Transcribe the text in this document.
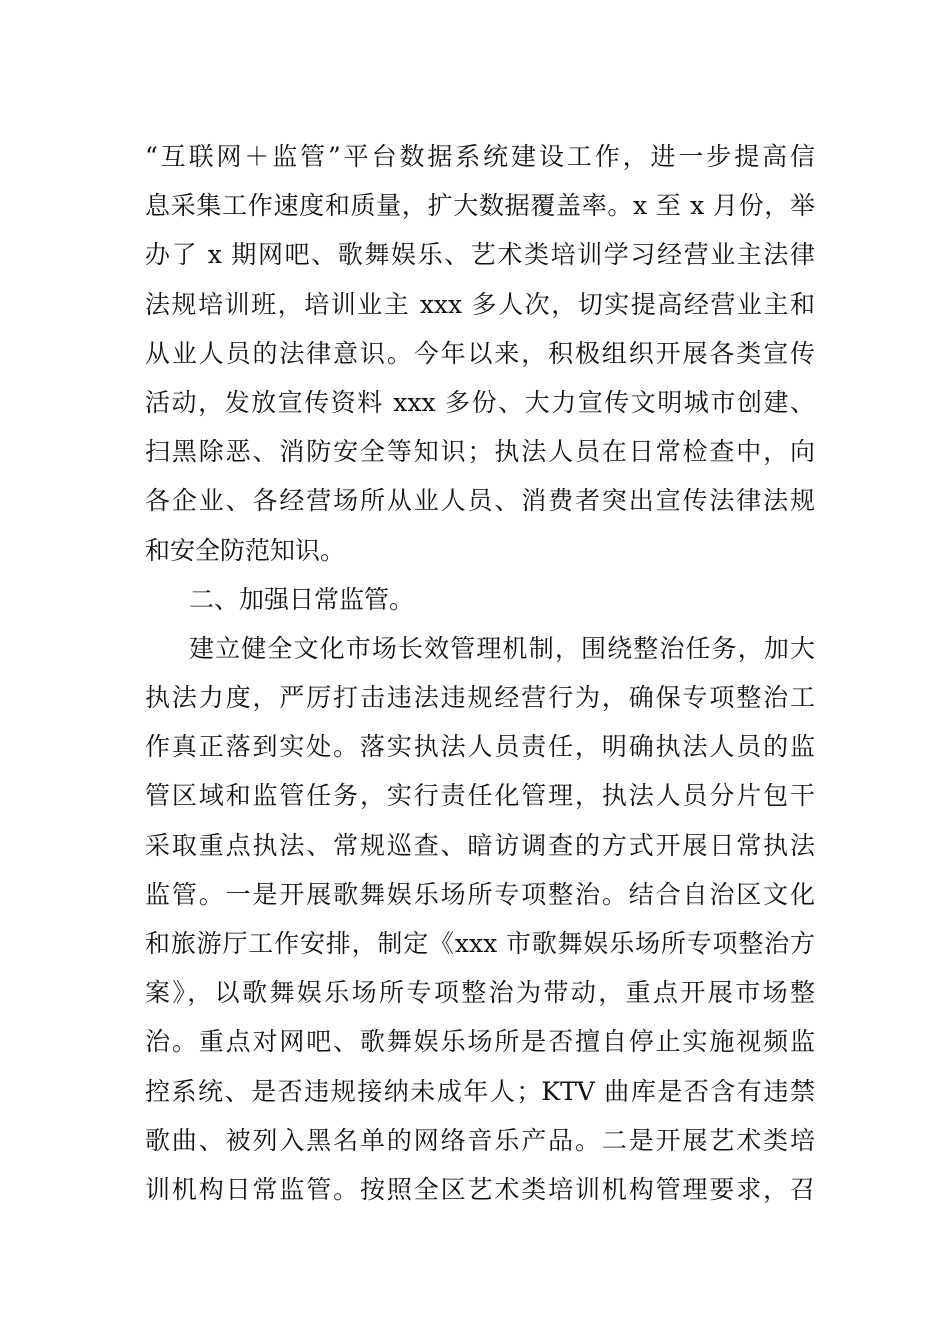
“互联网＋监管”平台数据系统建设工作，进一步提高信
息采集工作速度和质量，扩大数据覆盖率。x 至 x 月份，举
办了 x 期网吧、歌舞娱乐、艺术类培训学习经营业主法律
法规培训班，培训业主 xxx 多人次，切实提高经营业主和
从业人员的法律意识。今年以来，积极组织开展各类宣传
活动，发放宣传资料 xxx 多份、大力宣传文明城市创建、
扫黑除恶、消防安全等知识；执法人员在日常检查中，向
各企业、各经营场所从业人员、消费者突出宣传法律法规
和安全防范知识。
二、加强日常监管。
建立健全文化市场长效管理机制，围绕整治任务，加大
执法力度，严厉打击违法违规经营行为，确保专项整治工
作真正落到实处。落实执法人员责任，明确执法人员的监
管区域和监管任务，实行责任化管理，执法人员分片包干
采取重点执法、常规巡查、暗访调查的方式开展日常执法
监管。一是开展歌舞娱乐场所专项整治。结合自治区文化
和旅游厅工作安排，制定《xxx 市歌舞娱乐场所专项整治方
案》，以歌舞娱乐场所专项整治为带动，重点开展市场整
治。重点对网吧、歌舞娱乐场所是否擅自停止实施视频监
控系统、是否违规接纳未成年人；KTV 曲库是否含有违禁
歌曲、被列入黑名单的网络音乐产品。二是开展艺术类培
训机构日常监管。按照全区艺术类培训机构管理要求，召
